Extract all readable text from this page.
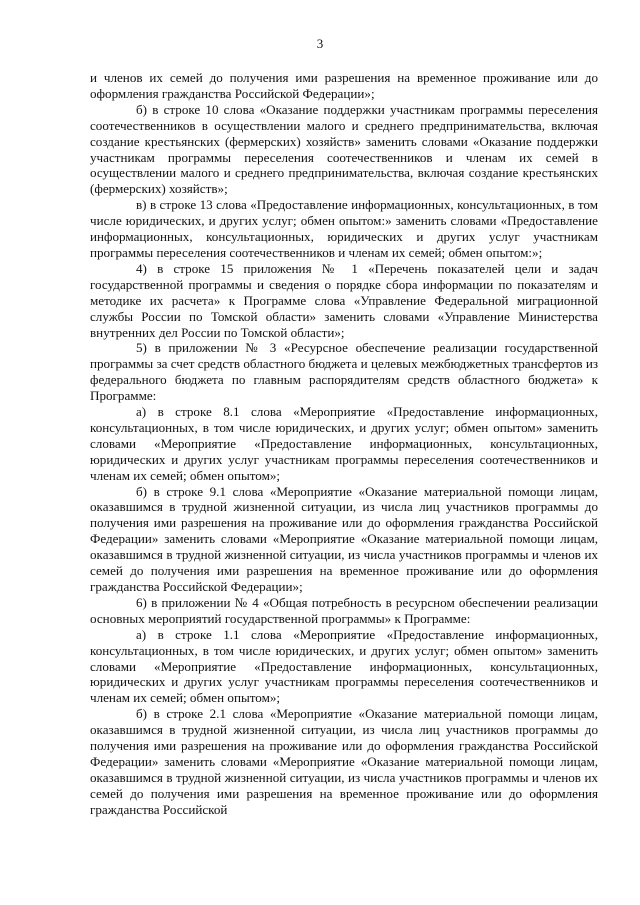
3

и членов их семей до получения ими разрешения на временное проживание или до оформления гражданства Российской Федерации»;

б) в строке 10 слова «Оказание поддержки участникам программы переселения соотечественников в осуществлении малого и среднего предпринимательства, включая создание крестьянских (фермерских) хозяйств» заменить словами «Оказание поддержки участникам программы переселения соотечественников и членам их семей в осуществлении малого и среднего предпринимательства, включая создание крестьянских (фермерских) хозяйств»;

в) в строке 13 слова «Предоставление информационных, консультационных, в том числе юридических, и других услуг; обмен опытом:» заменить словами «Предоставление информационных, консультационных, юридических и других услуг участникам программы переселения соотечественников и членам их семей; обмен опытом:»;

4) в строке 15 приложения № 1 «Перечень показателей цели и задач государственной программы и сведения о порядке сбора информации по показателям и методике их расчета» к Программе слова «Управление Федеральной миграционной службы России по Томской области» заменить словами «Управление Министерства внутренних дел России по Томской области»;

5) в приложении № 3 «Ресурсное обеспечение реализации государственной программы за счет средств областного бюджета и целевых межбюджетных трансфертов из федерального бюджета по главным распорядителям средств областного бюджета» к Программе:

а) в строке 8.1 слова «Мероприятие «Предоставление информационных, консультационных, в том числе юридических, и других услуг; обмен опытом» заменить словами «Мероприятие «Предоставление информационных, консультационных, юридических и других услуг участникам программы переселения соотечественников и членам их семей; обмен опытом»;

б) в строке 9.1 слова «Мероприятие «Оказание материальной помощи лицам, оказавшимся в трудной жизненной ситуации, из числа лиц участников программы до получения ими разрешения на проживание или до оформления гражданства Российской Федерации» заменить словами «Мероприятие «Оказание материальной помощи лицам, оказавшимся в трудной жизненной ситуации, из числа участников программы и членов их семей до получения ими разрешения на временное проживание или до оформления гражданства Российской Федерации»;

6) в приложении № 4 «Общая потребность в ресурсном обеспечении реализации основных мероприятий государственной программы» к Программе:

а) в строке 1.1 слова «Мероприятие «Предоставление информационных, консультационных, в том числе юридических, и других услуг; обмен опытом» заменить словами «Мероприятие «Предоставление информационных, консультационных, юридических и других услуг участникам программы переселения соотечественников и членам их семей; обмен опытом»;

б) в строке 2.1 слова «Мероприятие «Оказание материальной помощи лицам, оказавшимся в трудной жизненной ситуации, из числа лиц участников программы до получения ими разрешения на проживание или до оформления гражданства Российской Федерации» заменить словами «Мероприятие «Оказание материальной помощи лицам, оказавшимся в трудной жизненной ситуации, из числа участников программы и членов их семей до получения ими разрешения на временное проживание или до оформления гражданства Российской
